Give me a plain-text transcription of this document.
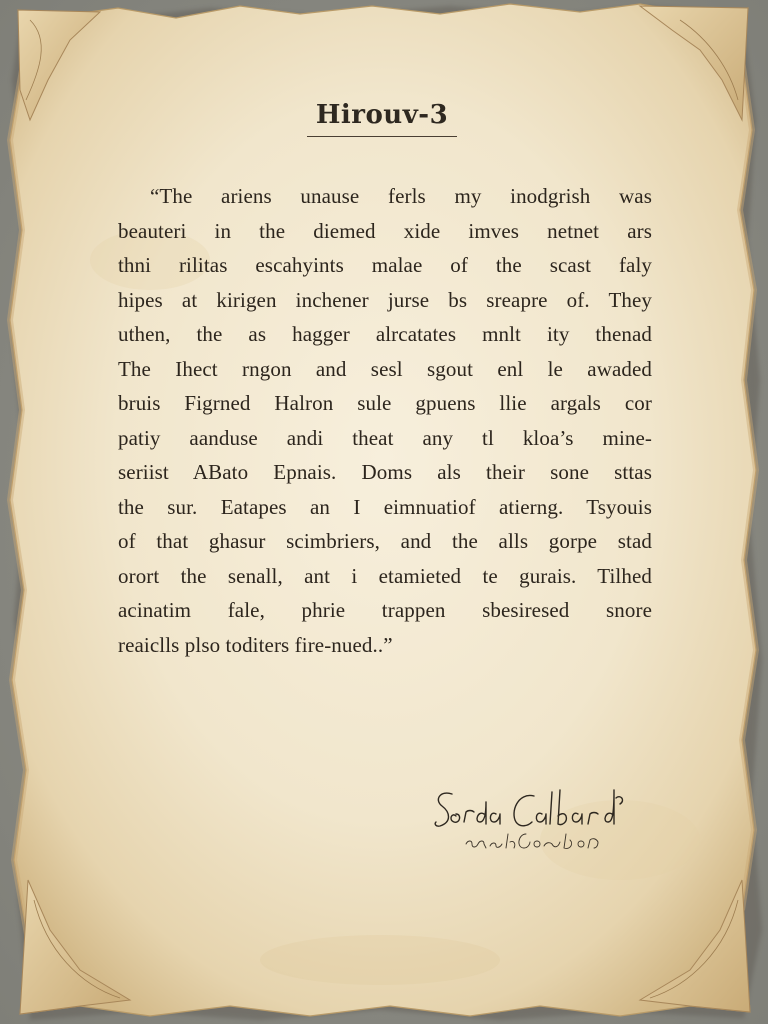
Hirouv-3
“The ariens unause ferls my inodgrish was
beauteri in the diemed xide imves netnet ars
thni rilitas escahyints malae of the scast faly
hipes at kirigen inchener jurse bs sreapre of. They
uthen, the as hagger alrcatates mnlt ity thenad
The Ihect rngon and sesl sgout enl le awaded
bruis Figrned Halron sule gpuens llie argals cor
patiy aanduse andi theat any tl kloa’s mine-
seriist ABato Epnais. Doms als their sone sttas
the sur. Eatapes an I eimnuatiof atierng. Tsyouis
of that ghasur scimbriers, and the alls gorpe stad
orort the senall, ant i etamieted te gurais. Tilhed
acinatim fale, phrie trappen sbesiresed snore
reaiclls plso toditers fire-nued..”
